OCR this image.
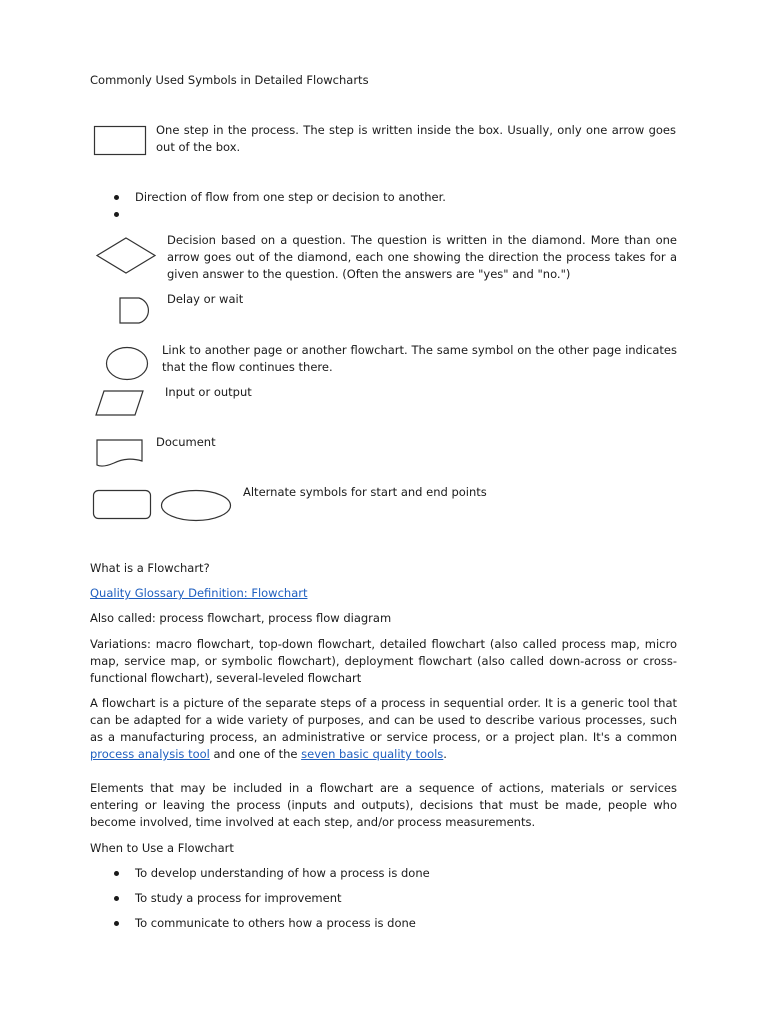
Commonly Used Symbols in Detailed Flowcharts
One step in the process. The step is written inside the box. Usually, only one arrow goes out of the box.
Direction of flow from one step or decision to another.
Decision based on a question. The question is written in the diamond. More than one arrow goes out of the diamond, each one showing the direction the process takes for a given answer to the question. (Often the answers are "yes" and "no.")
Delay or wait
Link to another page or another flowchart. The same symbol on the other page indicates that the flow continues there.
Input or output
Document
Alternate symbols for start and end points
What is a Flowchart?
Quality Glossary Definition: Flowchart
Also called: process flowchart, process flow diagram
Variations: macro flowchart, top-down flowchart, detailed flowchart (also called process map, micro map, service map, or symbolic flowchart), deployment flowchart (also called down-across or cross-functional flowchart), several-leveled flowchart
A flowchart is a picture of the separate steps of a process in sequential order. It is a generic tool that can be adapted for a wide variety of purposes, and can be used to describe various processes, such as a manufacturing process, an administrative or service process, or a project plan. It's a common process analysis tool and one of the seven basic quality tools.
Elements that may be included in a flowchart are a sequence of actions, materials or services entering or leaving the process (inputs and outputs), decisions that must be made, people who become involved, time involved at each step, and/or process measurements.
When to Use a Flowchart
To develop understanding of how a process is done
To study a process for improvement
To communicate to others how a process is done
